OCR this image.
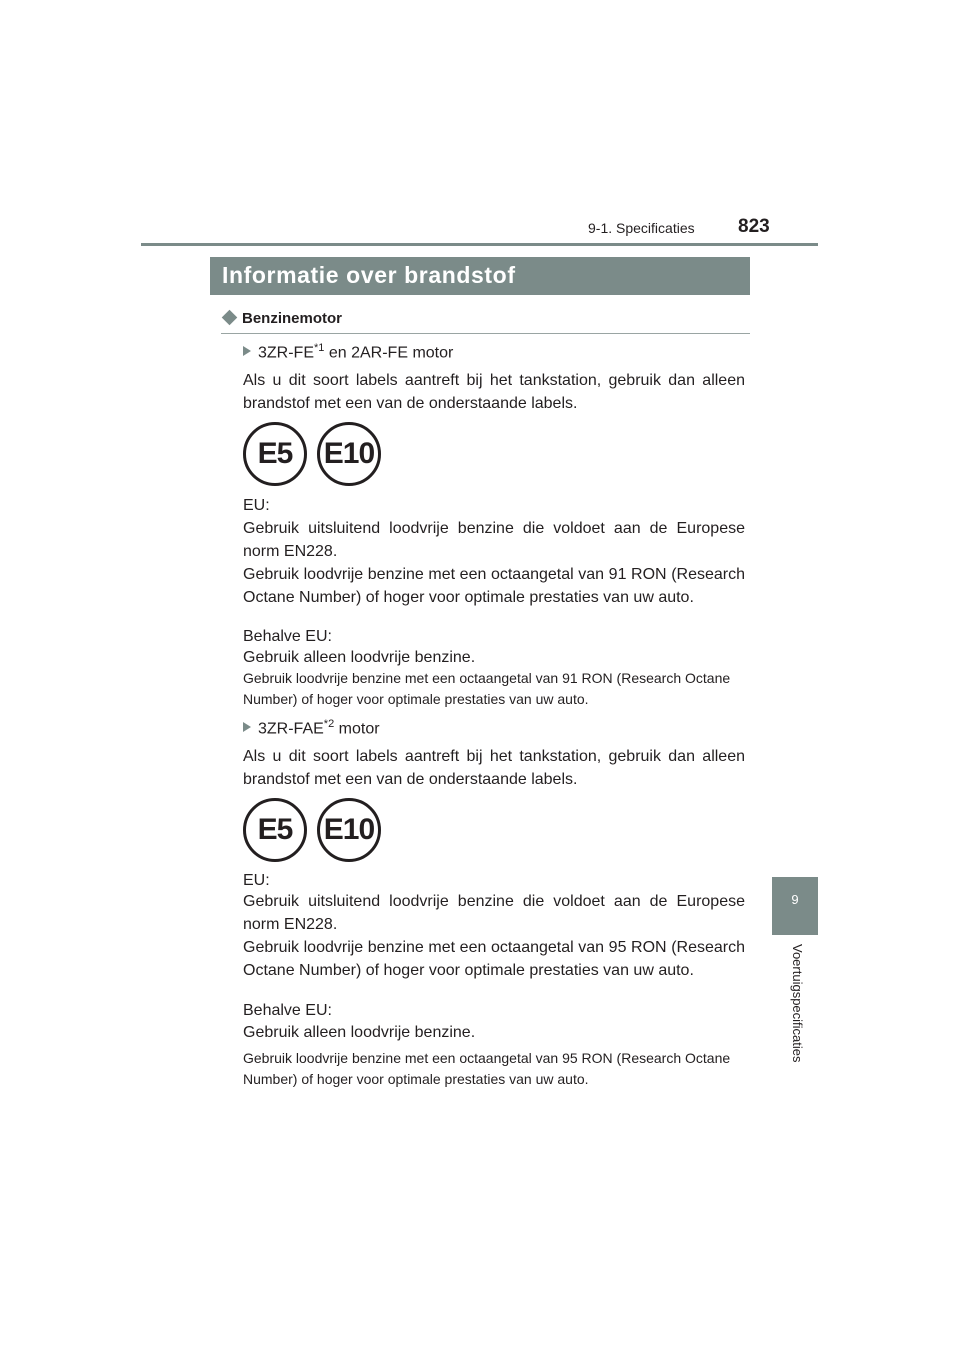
9-1. Specificaties	823
9
Voertuigspecificaties
Informatie over brandstof
Benzinemotor
3ZR-FE$^{*1}$ en 2AR-FE motor
Als u dit soort labels aantreft bij het tankstation, gebruik dan alleen brandstof met een van de onderstaande labels.
E5	E10
EU:
Gebruik uitsluitend loodvrije benzine die voldoet aan de Europese norm EN228.
Gebruik loodvrije benzine met een octaangetal van 91 RON (Research Octane Number) of hoger voor optimale prestaties van uw auto.
Behalve EU:
Gebruik alleen loodvrije benzine.
Gebruik loodvrije benzine met een octaangetal van 91 RON (Research Octane Number) of hoger voor optimale prestaties van uw auto.
3ZR-FAE$^{*2}$ motor
Als u dit soort labels aantreft bij het tankstation, gebruik dan alleen brandstof met een van de onderstaande labels.
E5	E10
EU:
Gebruik uitsluitend loodvrije benzine die voldoet aan de Europese norm EN228.
Gebruik loodvrije benzine met een octaangetal van 95 RON (Research Octane Number) of hoger voor optimale prestaties van uw auto.
Behalve EU:
Gebruik alleen loodvrije benzine.
Gebruik loodvrije benzine met een octaangetal van 95 RON (Research Octane Number) of hoger voor optimale prestaties van uw auto.
